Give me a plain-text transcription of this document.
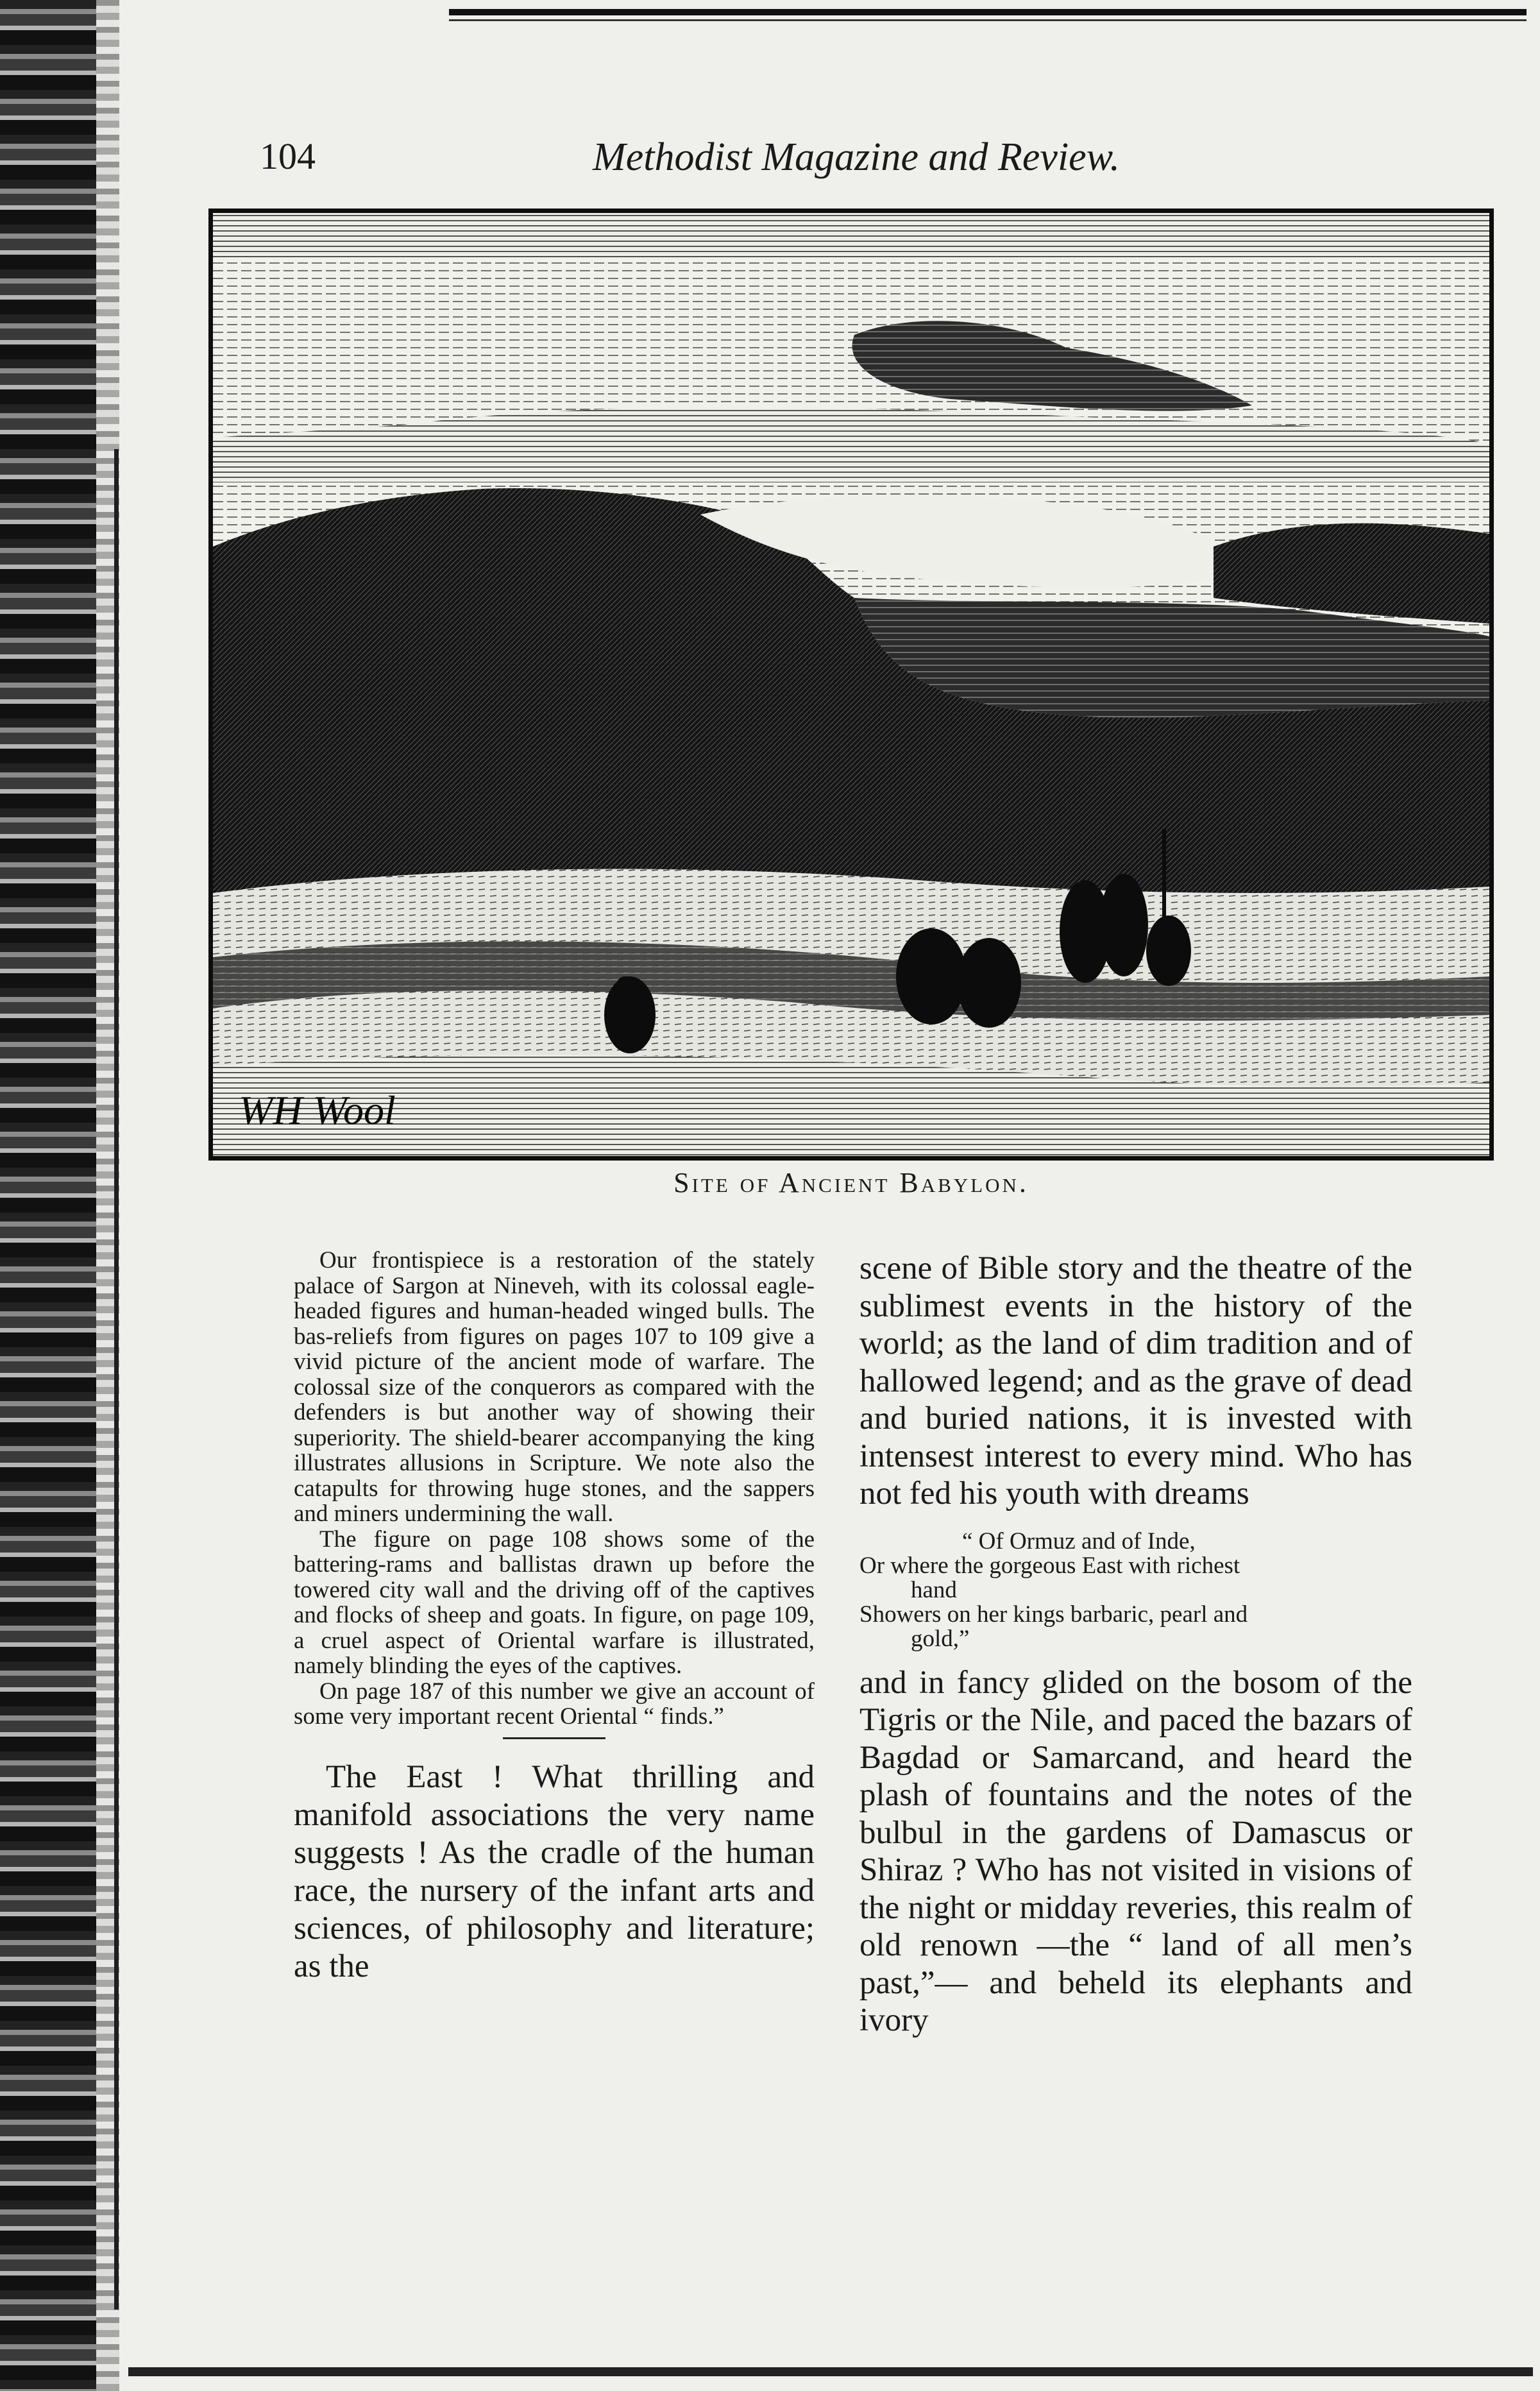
104	Methodist Magazine and Review.
WH Wool
Site of Ancient Babylon.

Our frontispiece is a restoration of the stately palace of Sargon at Nineveh, with its colossal eagle-headed figures and human-headed winged bulls. The bas-reliefs from figures on pages 107 to 109 give a vivid picture of the ancient mode of warfare. The colossal size of the conquerors as compared with the defenders is but another way of showing their superiority. The shield-bearer accompanying the king illustrates allusions in Scripture. We note also the catapults for throwing huge stones, and the sappers and miners undermining the wall.

The figure on page 108 shows some of the battering-rams and ballistas drawn up before the towered city wall and the driving off of the captives and flocks of sheep and goats. In figure, on page 109, a cruel aspect of Oriental warfare is illustrated, namely blinding the eyes of the captives.

On page 187 of this number we give an account of some very important recent Oriental “ finds.”

The East ! What thrilling and manifold associations the very name suggests ! As the cradle of the human race, the nursery of the infant arts and sciences, of philosophy and literature; as the

scene of Bible story and the theatre of the sublimest events in the history of the world; as the land of dim tradition and of hallowed legend; and as the grave of dead and buried nations, it is invested with intensest interest to every mind. Who has not fed his youth with dreams

“ Of Ormuz and of Inde,
Or where the gorgeous East with richest
hand
Showers on her kings barbaric, pearl and
gold,”

and in fancy glided on the bosom of the Tigris or the Nile, and paced the bazars of Bagdad or Samarcand, and heard the plash of fountains and the notes of the bulbul in the gardens of Damascus or Shiraz ? Who has not visited in visions of the night or midday reveries, this realm of old renown —the “ land of all men’s past,”— and beheld its elephants and ivory
